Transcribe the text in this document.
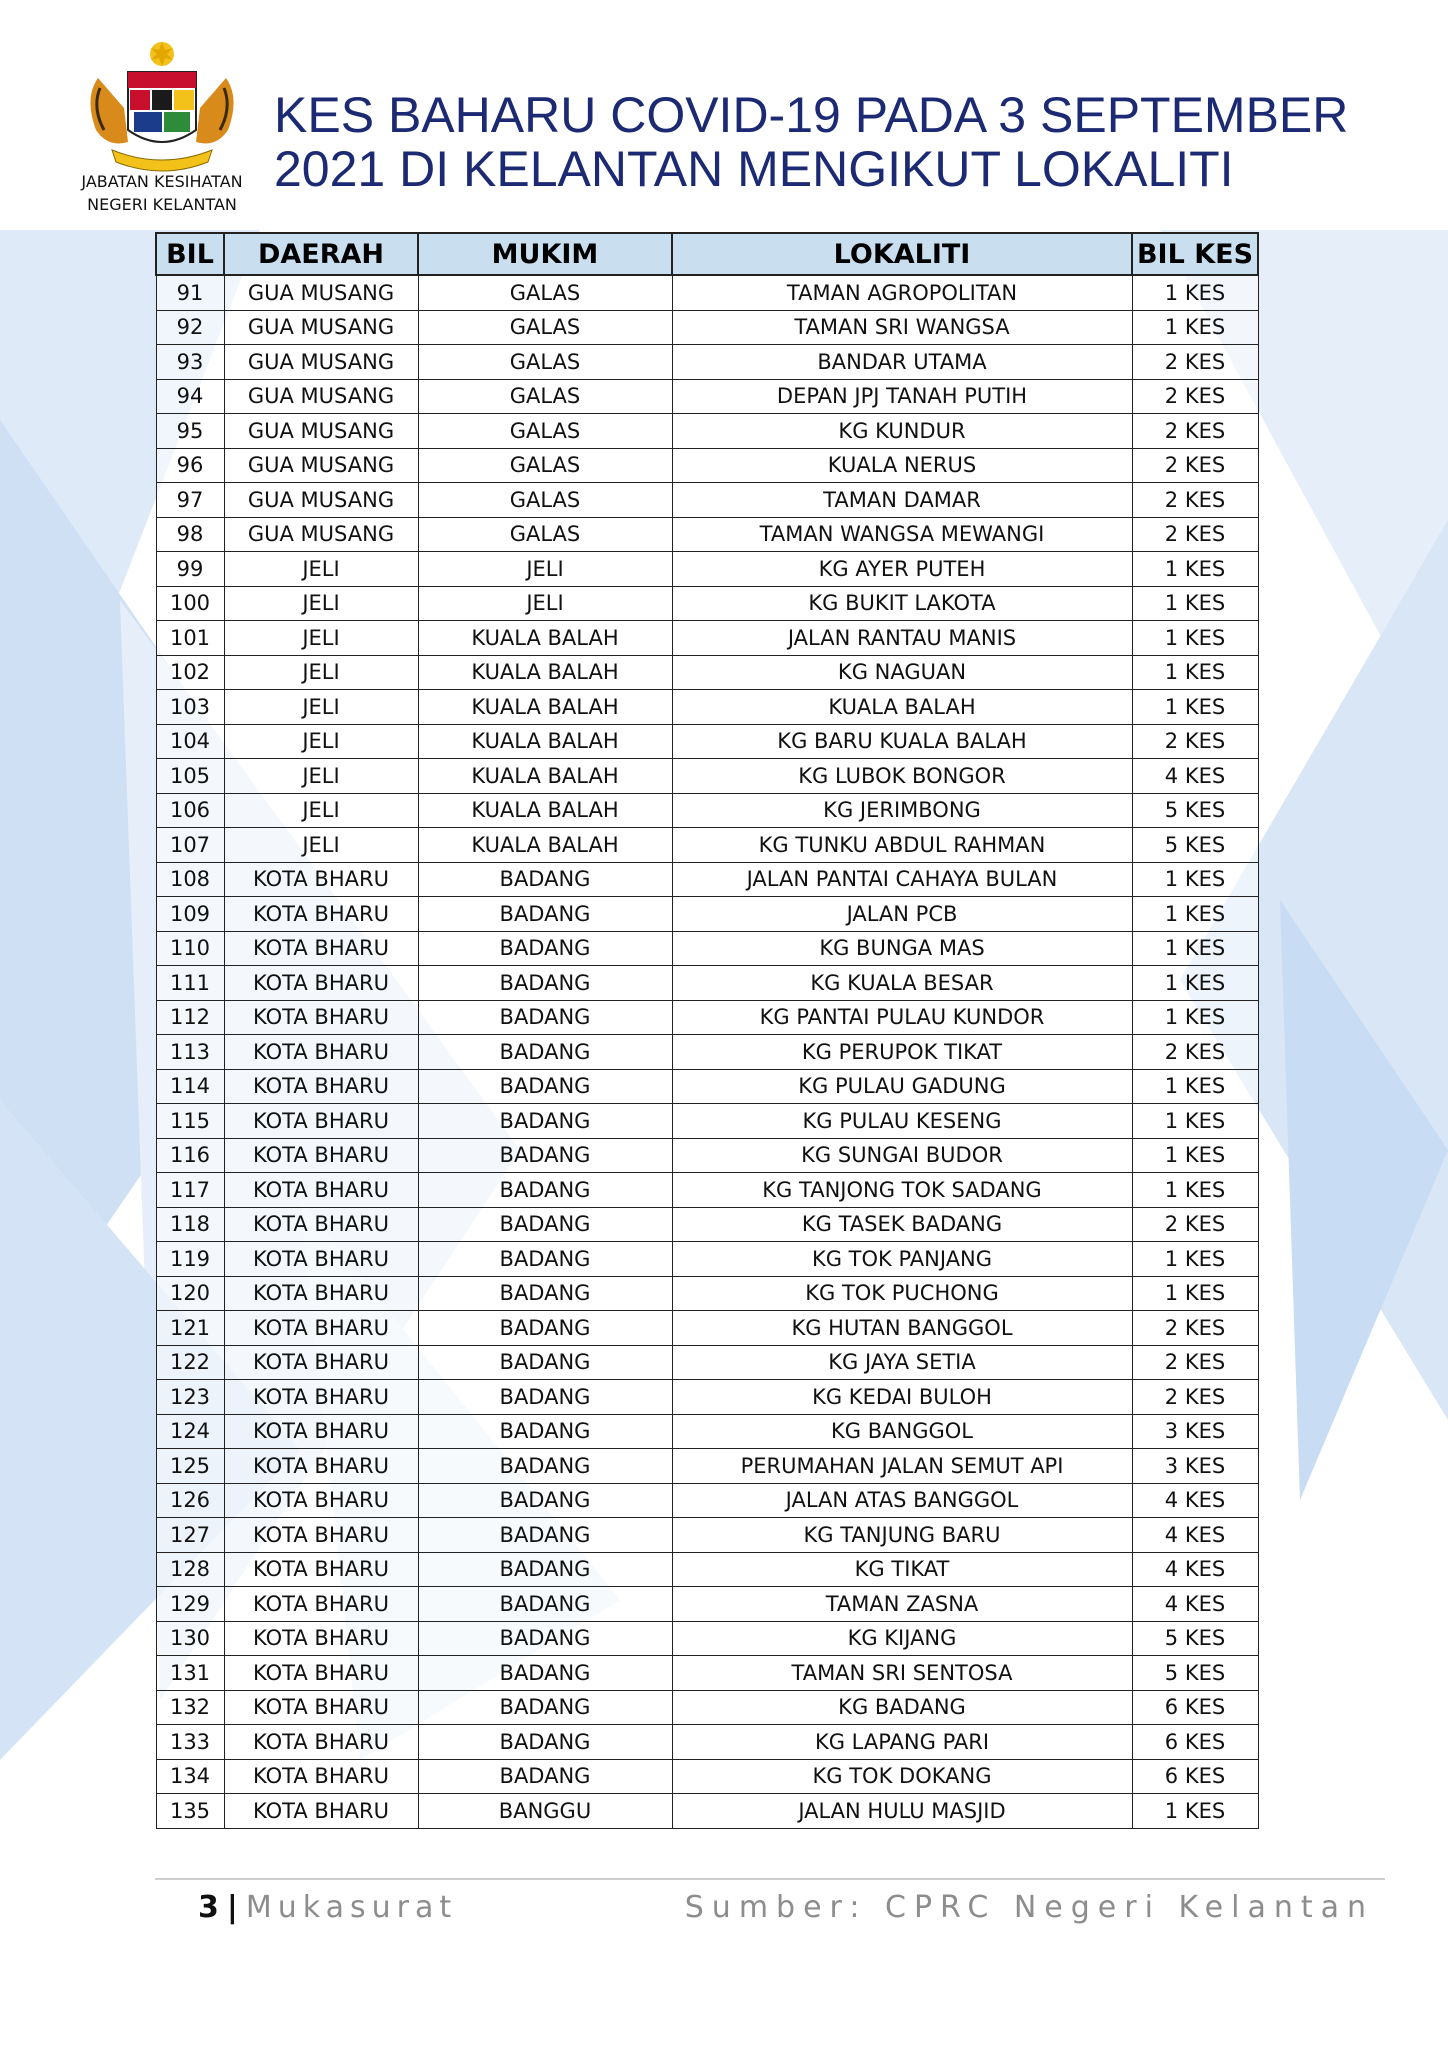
JABATAN KESIHATAN
NEGERI KELANTAN
KES BAHARU COVID-19 PADA 3 SEPTEMBER
2021 DI KELANTAN MENGIKUT LOKALITI
BIL	DAERAH	MUKIM	LOKALITI	BIL KES
91	GUA MUSANG	GALAS	TAMAN AGROPOLITAN	1 KES
92	GUA MUSANG	GALAS	TAMAN SRI WANGSA	1 KES
93	GUA MUSANG	GALAS	BANDAR UTAMA	2 KES
94	GUA MUSANG	GALAS	DEPAN JPJ TANAH PUTIH	2 KES
95	GUA MUSANG	GALAS	KG KUNDUR	2 KES
96	GUA MUSANG	GALAS	KUALA NERUS	2 KES
97	GUA MUSANG	GALAS	TAMAN DAMAR	2 KES
98	GUA MUSANG	GALAS	TAMAN WANGSA MEWANGI	2 KES
99	JELI	JELI	KG AYER PUTEH	1 KES
100	JELI	JELI	KG BUKIT LAKOTA	1 KES
101	JELI	KUALA BALAH	JALAN RANTAU MANIS	1 KES
102	JELI	KUALA BALAH	KG NAGUAN	1 KES
103	JELI	KUALA BALAH	KUALA BALAH	1 KES
104	JELI	KUALA BALAH	KG BARU KUALA BALAH	2 KES
105	JELI	KUALA BALAH	KG LUBOK BONGOR	4 KES
106	JELI	KUALA BALAH	KG JERIMBONG	5 KES
107	JELI	KUALA BALAH	KG TUNKU ABDUL RAHMAN	5 KES
108	KOTA BHARU	BADANG	JALAN PANTAI CAHAYA BULAN	1 KES
109	KOTA BHARU	BADANG	JALAN PCB	1 KES
110	KOTA BHARU	BADANG	KG BUNGA MAS	1 KES
111	KOTA BHARU	BADANG	KG KUALA BESAR	1 KES
112	KOTA BHARU	BADANG	KG PANTAI PULAU KUNDOR	1 KES
113	KOTA BHARU	BADANG	KG PERUPOK TIKAT	2 KES
114	KOTA BHARU	BADANG	KG PULAU GADUNG	1 KES
115	KOTA BHARU	BADANG	KG PULAU KESENG	1 KES
116	KOTA BHARU	BADANG	KG SUNGAI BUDOR	1 KES
117	KOTA BHARU	BADANG	KG TANJONG TOK SADANG	1 KES
118	KOTA BHARU	BADANG	KG TASEK BADANG	2 KES
119	KOTA BHARU	BADANG	KG TOK PANJANG	1 KES
120	KOTA BHARU	BADANG	KG TOK PUCHONG	1 KES
121	KOTA BHARU	BADANG	KG HUTAN BANGGOL	2 KES
122	KOTA BHARU	BADANG	KG JAYA SETIA	2 KES
123	KOTA BHARU	BADANG	KG KEDAI BULOH	2 KES
124	KOTA BHARU	BADANG	KG BANGGOL	3 KES
125	KOTA BHARU	BADANG	PERUMAHAN JALAN SEMUT API	3 KES
126	KOTA BHARU	BADANG	JALAN ATAS BANGGOL	4 KES
127	KOTA BHARU	BADANG	KG TANJUNG BARU	4 KES
128	KOTA BHARU	BADANG	KG TIKAT	4 KES
129	KOTA BHARU	BADANG	TAMAN ZASNA	4 KES
130	KOTA BHARU	BADANG	KG KIJANG	5 KES
131	KOTA BHARU	BADANG	TAMAN SRI SENTOSA	5 KES
132	KOTA BHARU	BADANG	KG BADANG	6 KES
133	KOTA BHARU	BADANG	KG LAPANG PARI	6 KES
134	KOTA BHARU	BADANG	KG TOK DOKANG	6 KES
135	KOTA BHARU	BANGGU	JALAN HULU MASJID	1 KES
3 | Mukasurat	Sumber: CPRC Negeri Kelantan
